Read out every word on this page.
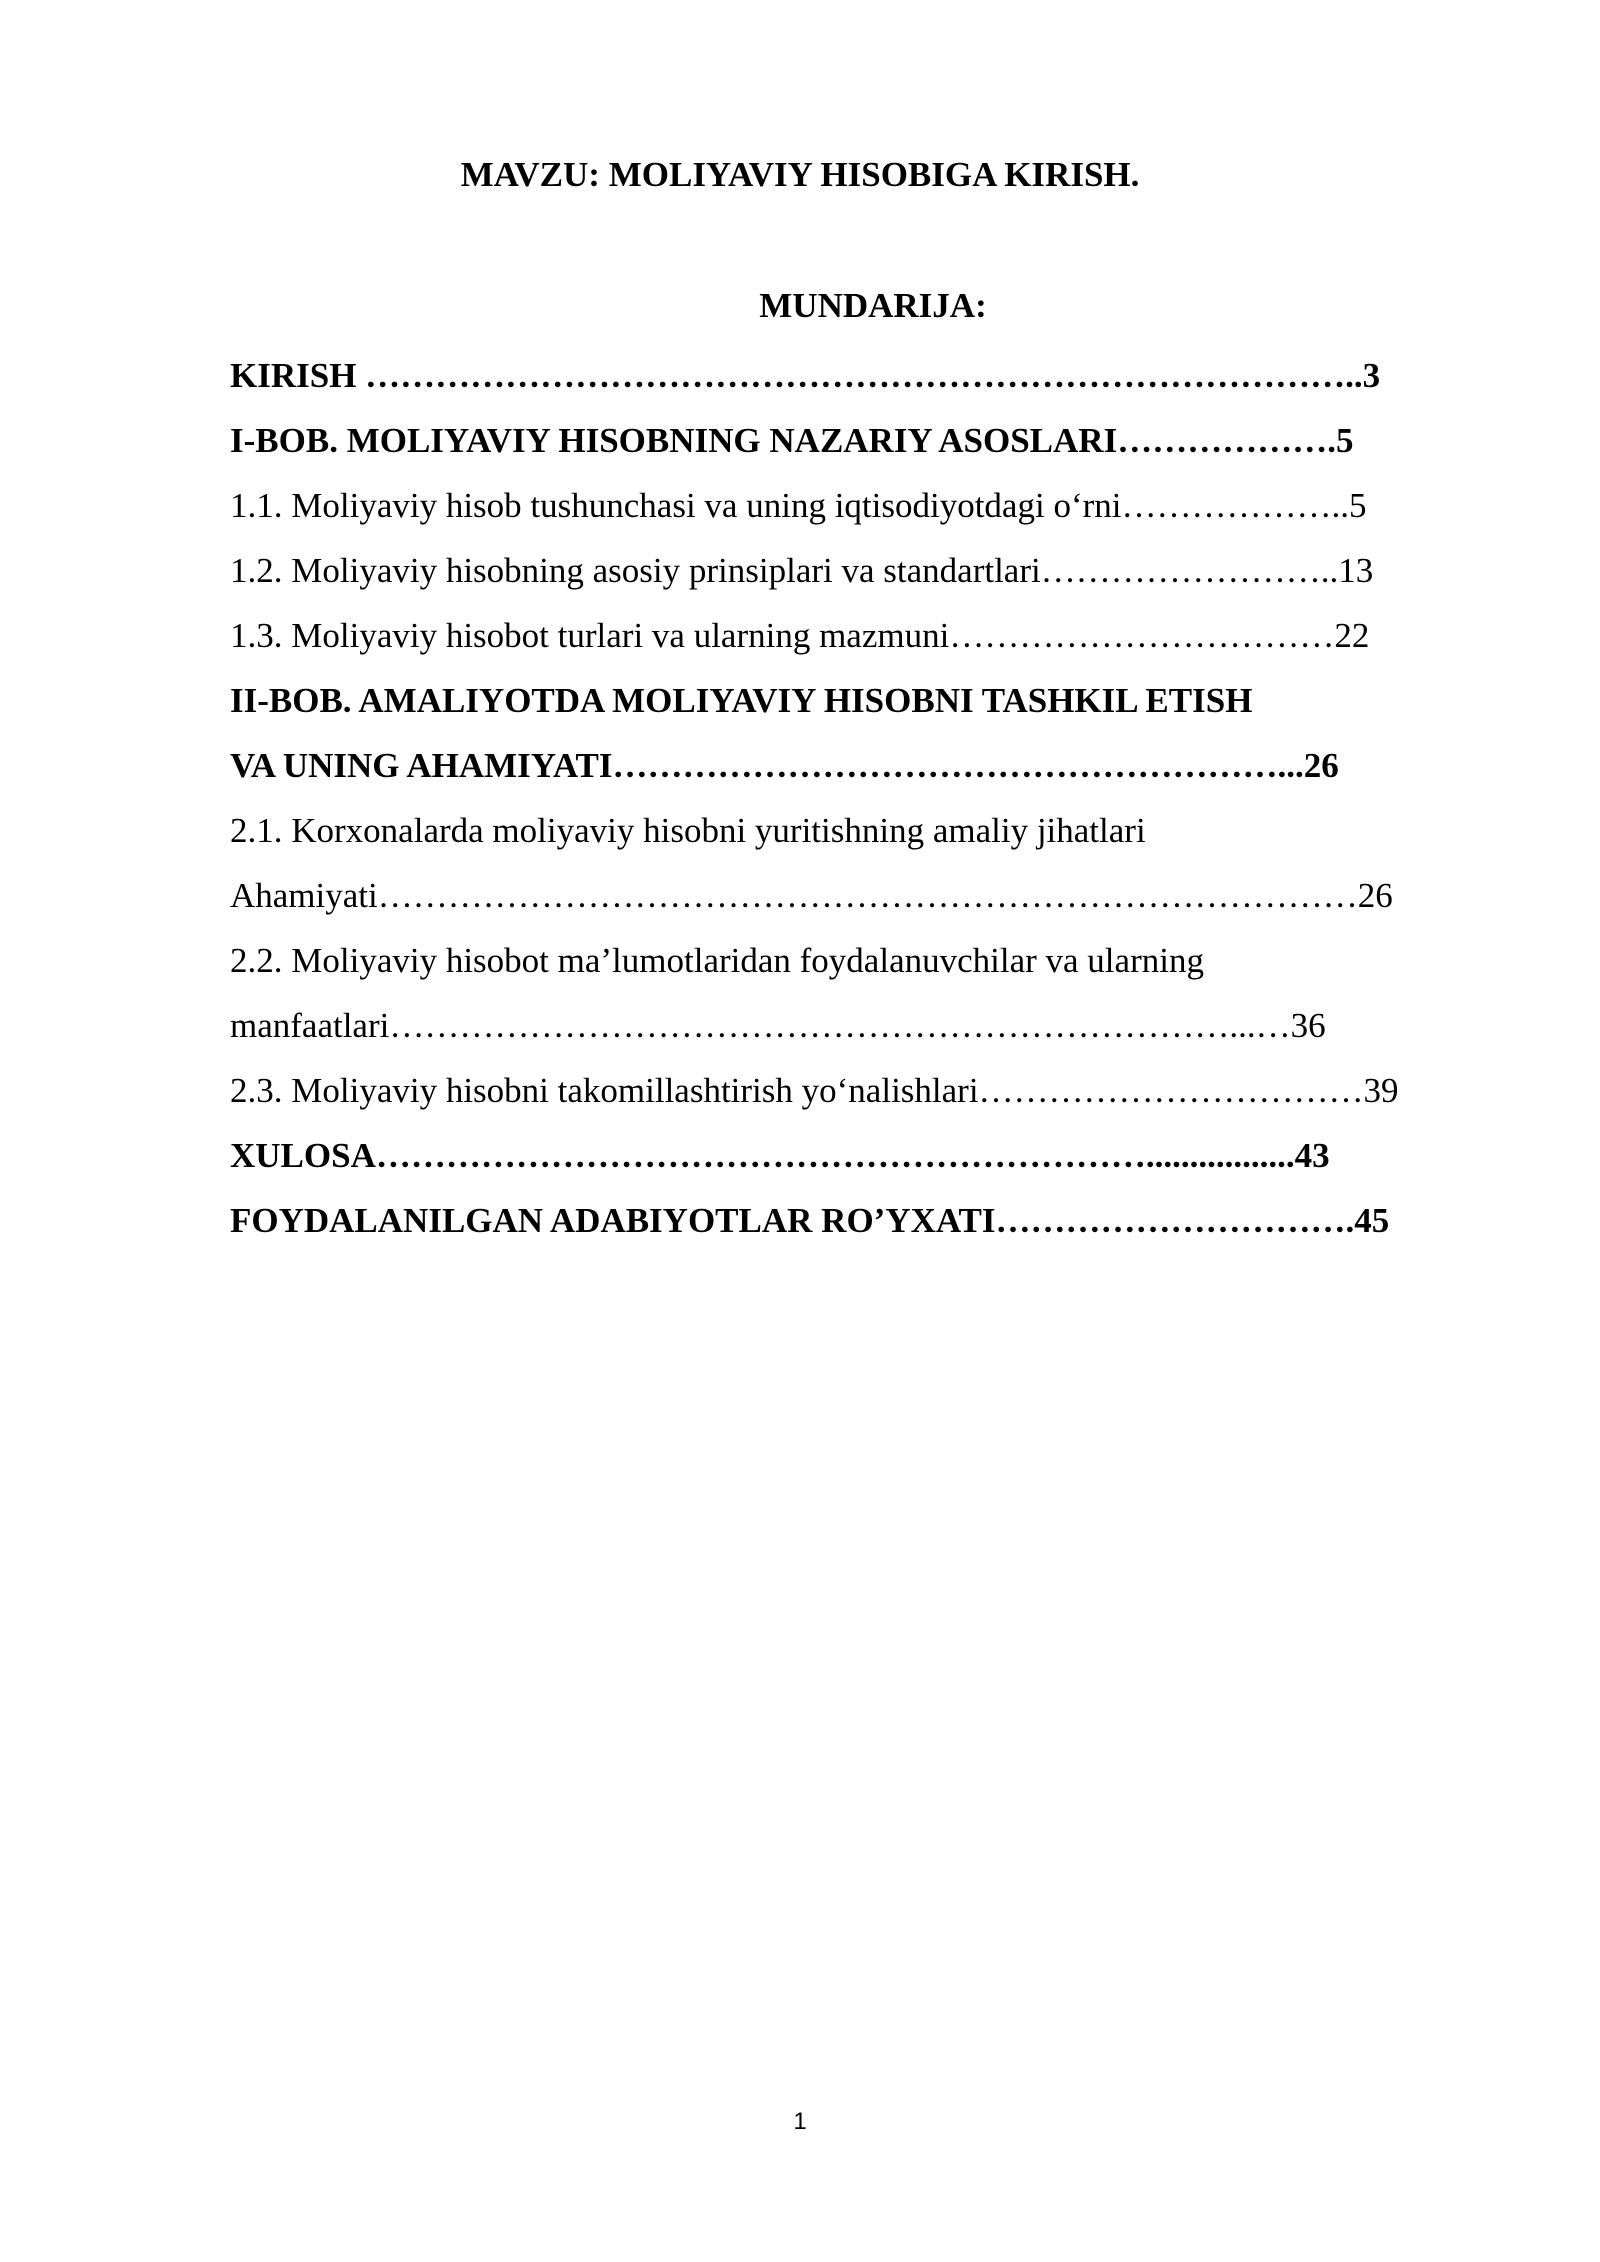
MAVZU: MOLIYAVIY HISOBIGA KIRISH.
MUNDARIJA:
KIRISH …………………………………………………………………………..3
I-BOB. MOLIYAVIY HISOBNING NAZARIY ASOSLARI……………….5
1.1. Moliyaviy hisob tushunchasi va uning iqtisodiyotdagi o‘rni………………..5
1.2. Moliyaviy hisobning asosiy prinsiplari va standartlari……………………..13
1.3. Moliyaviy hisobot turlari va ularning mazmuni……………………………22
II-BOB. AMALIYOTDA MOLIYAVIY HISOBNI TASHKIL ETISH
VA UNING AHAMIYATI…………………………………………………...26
2.1. Korxonalarda moliyaviy hisobni yuritishning amaliy jihatlari
Ahamiyati…………………………………………………………………………26
2.2. Moliyaviy hisobot ma’lumotlaridan foydalanuvchilar va ularning
manfaatlari………………………………………………………………...…36
2.3. Moliyaviy hisobni takomillashtirish yo‘nalishlari……………………………39
XULOSA………………………………………………………….................43
FOYDALANILGAN ADABIYOTLAR RO’YXATI………………………….45
1
